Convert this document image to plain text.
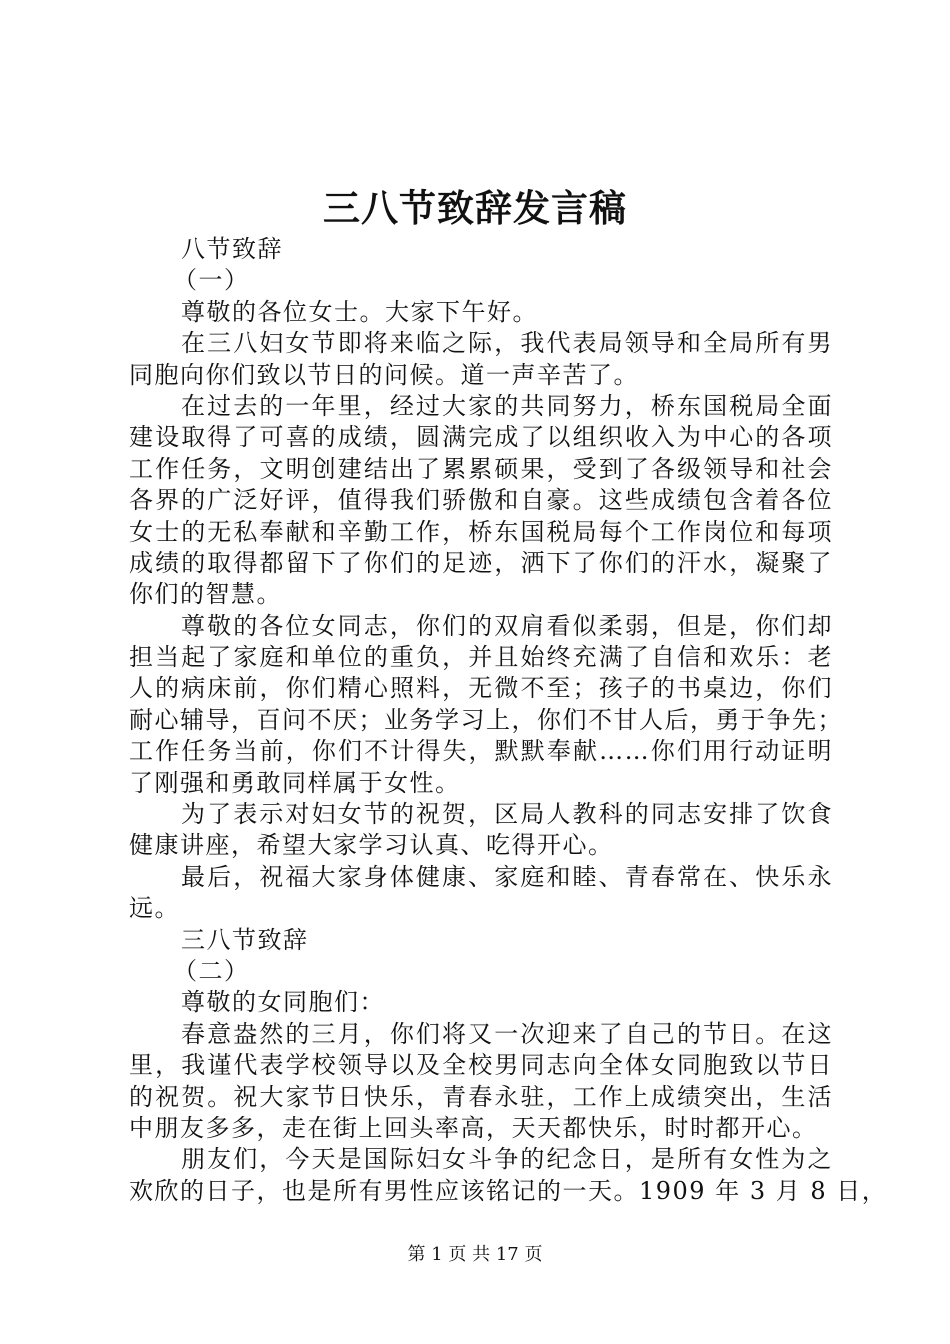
三八节致辞发言稿
八节致辞
（一）
尊敬的各位女士。大家下午好。
在三八妇女节即将来临之际，我代表局领导和全局所有男
同胞向你们致以节日的问候。道一声辛苦了。
在过去的一年里，经过大家的共同努力，桥东国税局全面
建设取得了可喜的成绩，圆满完成了以组织收入为中心的各项
工作任务，文明创建结出了累累硕果，受到了各级领导和社会
各界的广泛好评，值得我们骄傲和自豪。这些成绩包含着各位
女士的无私奉献和辛勤工作，桥东国税局每个工作岗位和每项
成绩的取得都留下了你们的足迹，洒下了你们的汗水，凝聚了
你们的智慧。
尊敬的各位女同志，你们的双肩看似柔弱，但是，你们却
担当起了家庭和单位的重负，并且始终充满了自信和欢乐：老
人的病床前，你们精心照料，无微不至；孩子的书桌边，你们
耐心辅导，百问不厌；业务学习上，你们不甘人后，勇于争先；
工作任务当前，你们不计得失，默默奉献……你们用行动证明
了刚强和勇敢同样属于女性。
为了表示对妇女节的祝贺，区局人教科的同志安排了饮食
健康讲座，希望大家学习认真、吃得开心。
最后，祝福大家身体健康、家庭和睦、青春常在、快乐永
远。
三八节致辞
（二）
尊敬的女同胞们：
春意盎然的三月，你们将又一次迎来了自己的节日。在这
里，我谨代表学校领导以及全校男同志向全体女同胞致以节日
的祝贺。祝大家节日快乐，青春永驻，工作上成绩突出，生活
中朋友多多，走在街上回头率高，天天都快乐，时时都开心。
朋友们，今天是国际妇女斗争的纪念日，是所有女性为之
欢欣的日子，也是所有男性应该铭记的一天。1909 年 3 月 8 日，
第 1 页 共 17 页
